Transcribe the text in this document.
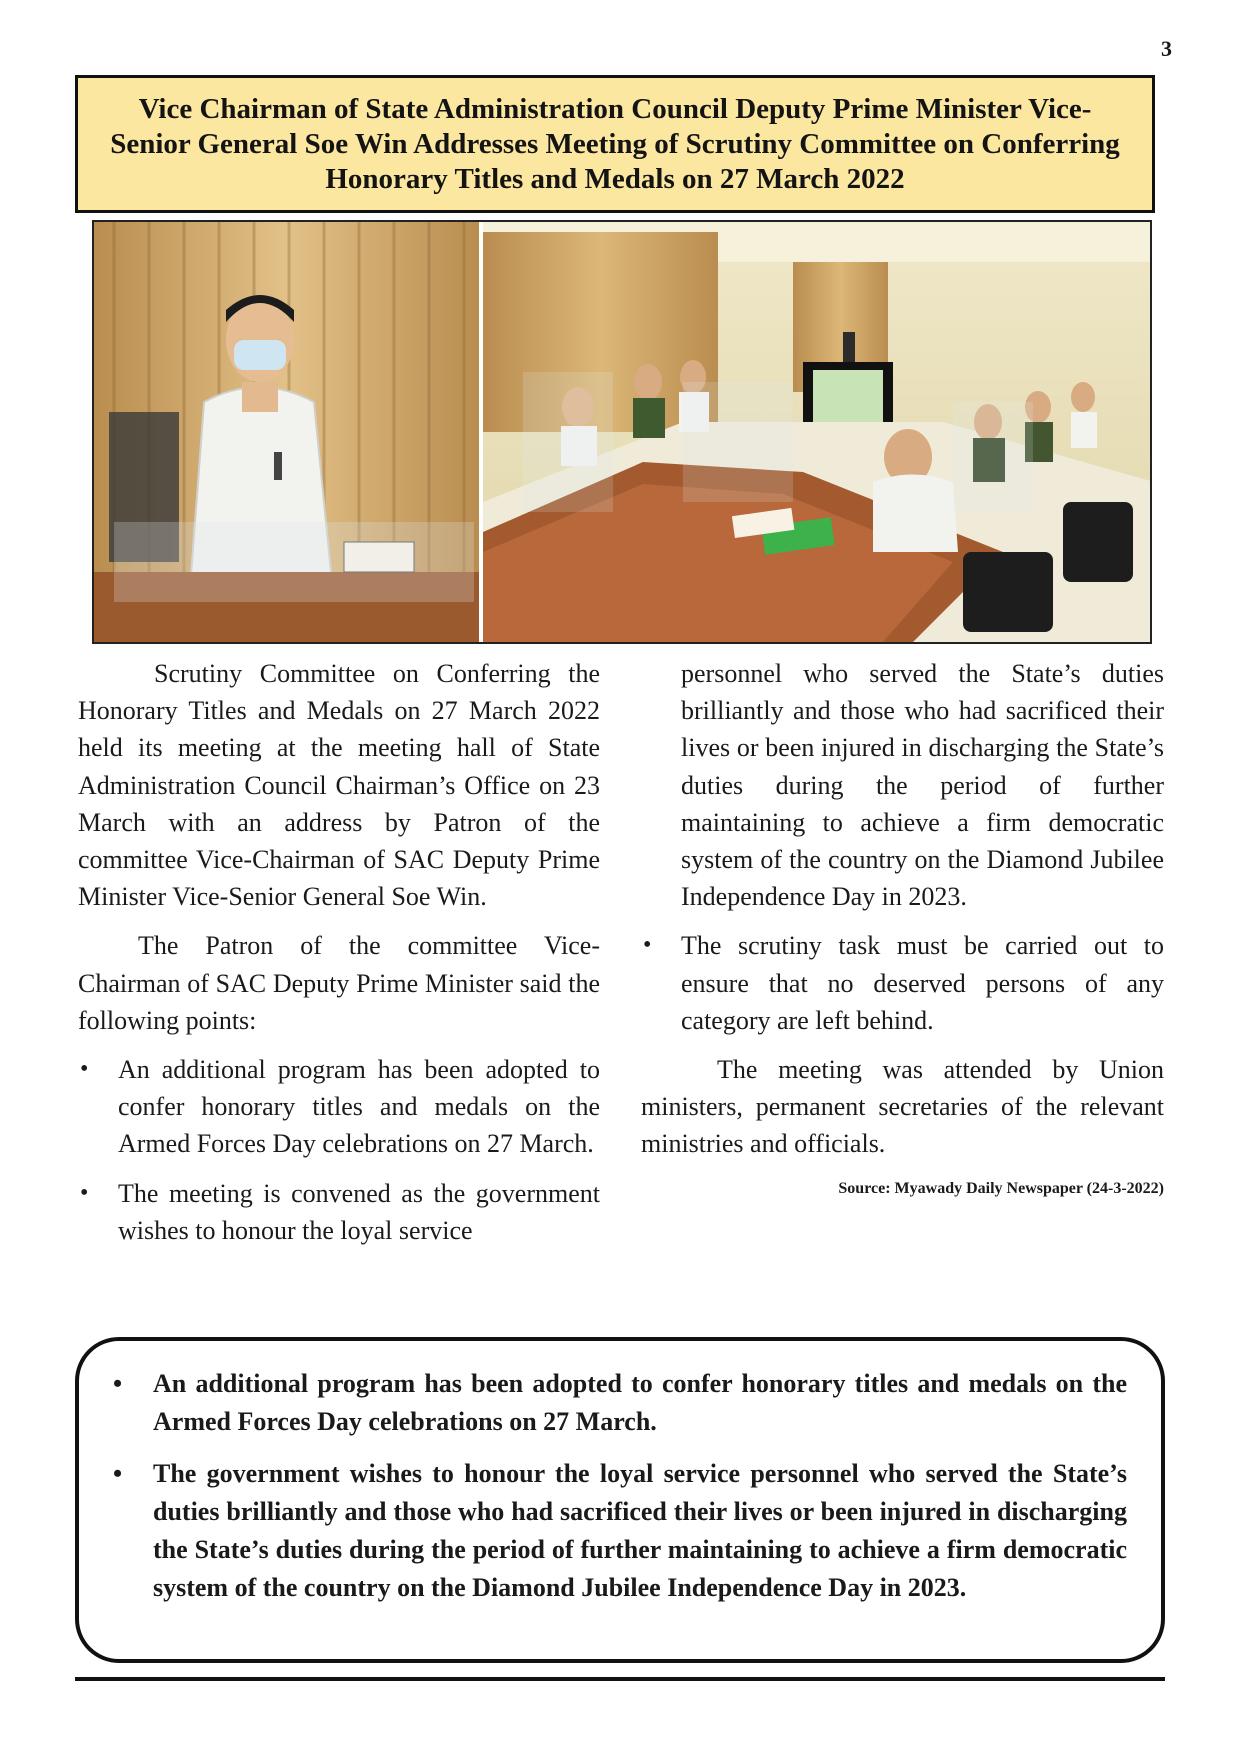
3
Vice Chairman of State Administration Council Deputy Prime Minister Vice-Senior General Soe Win Addresses Meeting of Scrutiny Committee on Conferring Honorary Titles and Medals on 27 March 2022

Scrutiny Committee on Conferring the Honorary Titles and Medals on 27 March 2022 held its meeting at the meeting hall of State Administration Council Chairman’s Office on 23 March with an address by Patron of the committee Vice-Chairman of SAC Deputy Prime Minister Vice-Senior General Soe Win.

The Patron of the committee Vice-Chairman of SAC Deputy Prime Minister said the following points:

• An additional program has been adopted to confer honorary titles and medals on the Armed Forces Day celebrations on 27 March.
• The meeting is convened as the government wishes to honour the loyal service
personnel who served the State’s duties brilliantly and those who had sacrificed their lives or been injured in discharging the State’s duties during the period of further maintaining to achieve a firm democratic system of the country on the Diamond Jubilee Independence Day in 2023.
• The scrutiny task must be carried out to ensure that no deserved persons of any category are left behind.

The meeting was attended by Union ministers, permanent secretaries of the relevant ministries and officials.

Source: Myawady Daily Newspaper (24-3-2022)
• An additional program has been adopted to confer honorary titles and medals on the Armed Forces Day celebrations on 27 March.
• The government wishes to honour the loyal service personnel who served the State’s duties brilliantly and those who had sacrificed their lives or been injured in discharging the State’s duties during the period of further maintaining to achieve a firm democratic system of the country on the Diamond Jubilee Independence Day in 2023.
